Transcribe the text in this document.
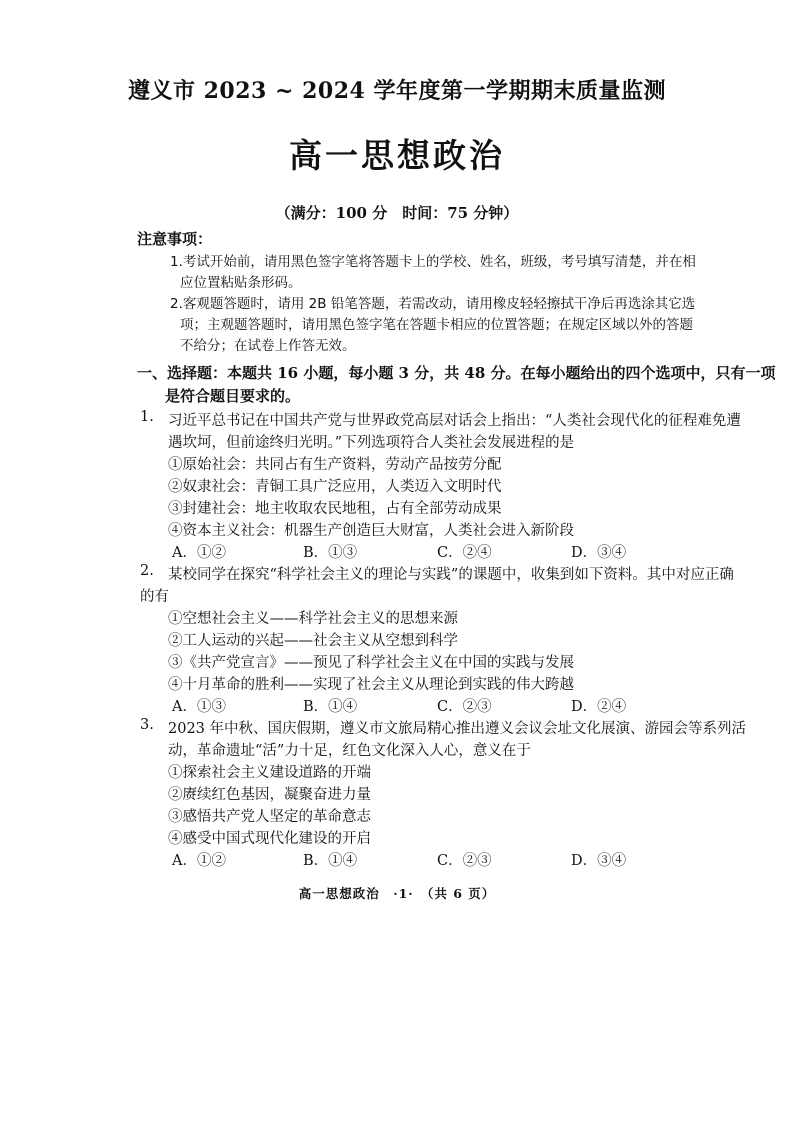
遵义市 2023 ~ 2024 学年度第一学期期末质量监测
高一思想政治
（满分：100 分　时间：75 分钟）
注意事项：
1.考试开始前，请用黑色签字笔将答题卡上的学校、姓名，班级，考号填写清楚，并在相
应位置粘贴条形码。
2.客观题答题时，请用 2B 铅笔答题，若需改动，请用橡皮轻轻擦拭干净后再选涂其它选
项；主观题答题时，请用黑色签字笔在答题卡相应的位置答题；在规定区域以外的答题
不给分；在试卷上作答无效。
一、选择题：本题共 16 小题，每小题 3 分，共 48 分。在每小题给出的四个选项中，只有一项
是符合题目要求的。
1. 习近平总书记在中国共产党与世界政党高层对话会上指出：“人类社会现代化的征程难免遭
遇坎坷，但前途终归光明。”下列选项符合人类社会发展进程的是
①原始社会：共同占有生产资料，劳动产品按劳分配
②奴隶社会：青铜工具广泛应用，人类迈入文明时代
③封建社会：地主收取农民地租，占有全部劳动成果
④资本主义社会：机器生产创造巨大财富，人类社会进入新阶段
A．①②	B．①③	C．②④	D．③④
2. 某校同学在探究“科学社会主义的理论与实践”的课题中，收集到如下资料。其中对应正确
的有
①空想社会主义——科学社会主义的思想来源
②工人运动的兴起——社会主义从空想到科学
③《共产党宣言》——预见了科学社会主义在中国的实践与发展
④十月革命的胜利——实现了社会主义从理论到实践的伟大跨越
A．①③	B．①④	C．②③	D．②④
3. 2023 年中秋、国庆假期，遵义市文旅局精心推出遵义会议会址文化展演、游园会等系列活
动，革命遗址“活”力十足，红色文化深入人心，意义在于
①探索社会主义建设道路的开端
②赓续红色基因，凝聚奋进力量
③感悟共产党人坚定的革命意志
④感受中国式现代化建设的开启
A．①②	B．①④	C．②③	D．③④
高一思想政治　·1·　（共 6 页）
